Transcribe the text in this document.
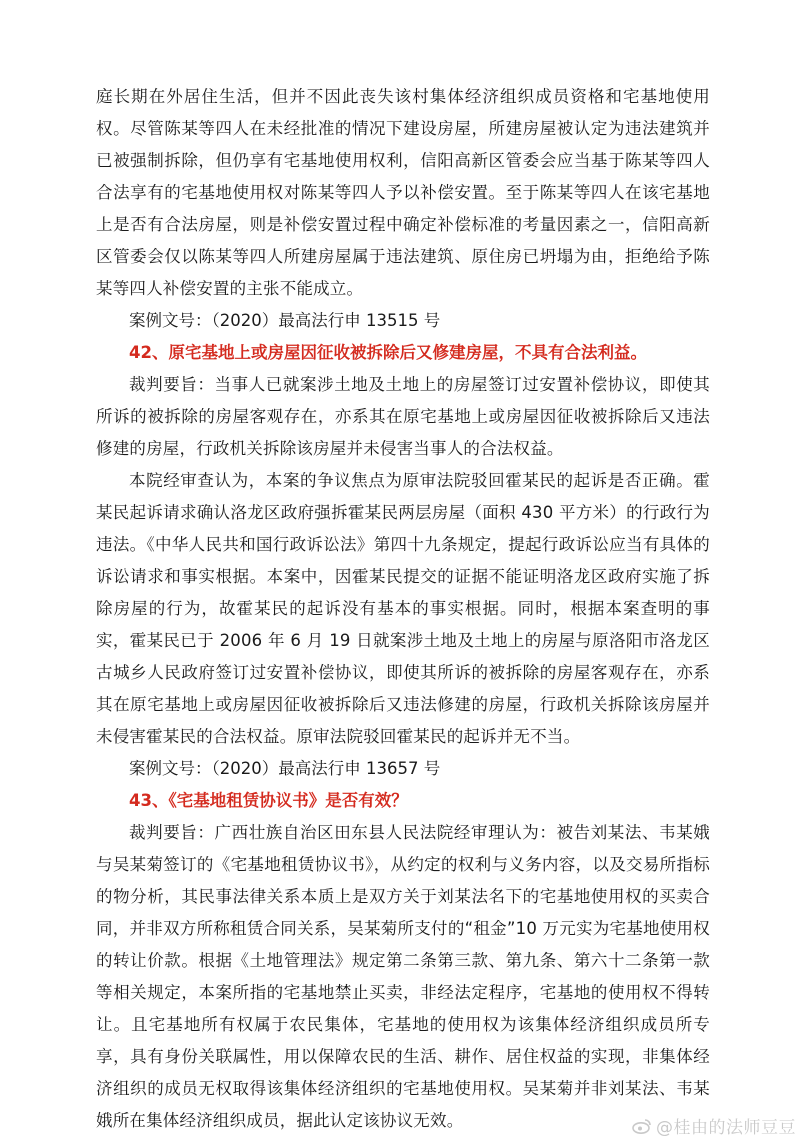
庭长期在外居住生活，但并不因此丧失该村集体经济组织成员资格和宅基地使用权。尽管陈某等四人在未经批准的情况下建设房屋，所建房屋被认定为违法建筑并已被强制拆除，但仍享有宅基地使用权利，信阳高新区管委会应当基于陈某等四人合法享有的宅基地使用权对陈某等四人予以补偿安置。至于陈某等四人在该宅基地上是否有合法房屋，则是补偿安置过程中确定补偿标准的考量因素之一，信阳高新区管委会仅以陈某等四人所建房屋属于违法建筑、原住房已坍塌为由，拒绝给予陈某等四人补偿安置的主张不能成立。

案例文号：（2020）最高法行申 13515 号

42、原宅基地上或房屋因征收被拆除后又修建房屋，不具有合法利益。

裁判要旨：当事人已就案涉土地及土地上的房屋签订过安置补偿协议，即使其所诉的被拆除的房屋客观存在，亦系其在原宅基地上或房屋因征收被拆除后又违法修建的房屋，行政机关拆除该房屋并未侵害当事人的合法权益。

本院经审查认为，本案的争议焦点为原审法院驳回霍某民的起诉是否正确。霍某民起诉请求确认洛龙区政府强拆霍某民两层房屋（面积 430 平方米）的行政行为违法。《中华人民共和国行政诉讼法》第四十九条规定，提起行政诉讼应当有具体的诉讼请求和事实根据。本案中，因霍某民提交的证据不能证明洛龙区政府实施了拆除房屋的行为，故霍某民的起诉没有基本的事实根据。同时，根据本案查明的事实，霍某民已于 2006 年 6 月 19 日就案涉土地及土地上的房屋与原洛阳市洛龙区古城乡人民政府签订过安置补偿协议，即使其所诉的被拆除的房屋客观存在，亦系其在原宅基地上或房屋因征收被拆除后又违法修建的房屋，行政机关拆除该房屋并未侵害霍某民的合法权益。原审法院驳回霍某民的起诉并无不当。

案例文号：（2020）最高法行申 13657 号

43、《宅基地租赁协议书》是否有效？

裁判要旨：广西壮族自治区田东县人民法院经审理认为：被告刘某法、韦某娥与吴某菊签订的《宅基地租赁协议书》，从约定的权利与义务内容，以及交易所指标的物分析，其民事法律关系本质上是双方关于刘某法名下的宅基地使用权的买卖合同，并非双方所称租赁合同关系，吴某菊所支付的“租金”10 万元实为宅基地使用权的转让价款。根据《土地管理法》规定第二条第三款、第九条、第六十二条第一款等相关规定，本案所指的宅基地禁止买卖，非经法定程序，宅基地的使用权不得转让。且宅基地所有权属于农民集体，宅基地的使用权为该集体经济组织成员所专享，具有身份关联属性，用以保障农民的生活、耕作、居住权益的实现，非集体经济组织的成员无权取得该集体经济组织的宅基地使用权。吴某菊并非刘某法、韦某娥所在集体经济组织成员，据此认定该协议无效。	@桂由的法师豆豆
